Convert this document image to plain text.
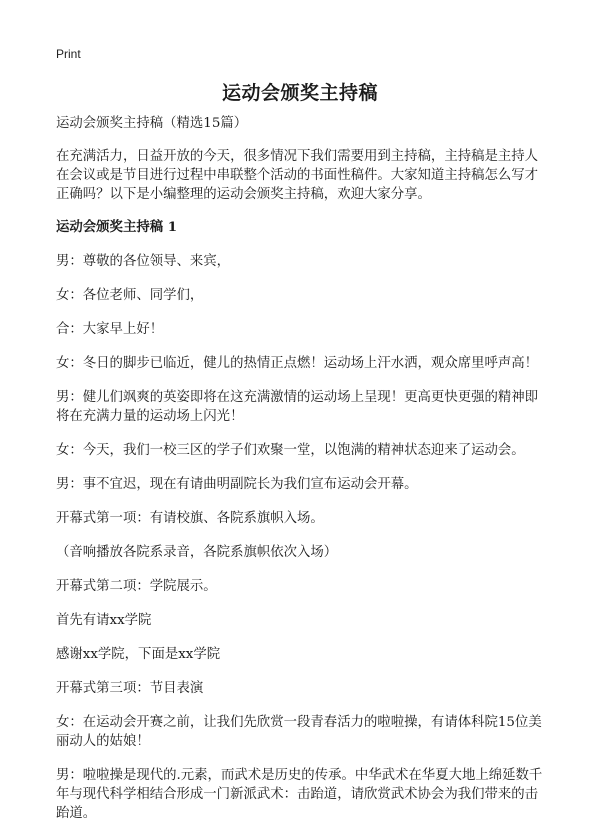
Print
运动会颁奖主持稿

运动会颁奖主持稿（精选15篇）

在充满活力，日益开放的今天，很多情况下我们需要用到主持稿，主持稿是主持人在会议或是节目进行过程中串联整个活动的书面性稿件。大家知道主持稿怎么写才正确吗？以下是小编整理的运动会颁奖主持稿，欢迎大家分享。

运动会颁奖主持稿 1

男：尊敬的各位领导、来宾，

女：各位老师、同学们，

合：大家早上好！

女：冬日的脚步已临近，健儿的热情正点燃！运动场上汗水洒，观众席里呼声高！

男：健儿们飒爽的英姿即将在这充满激情的运动场上呈现！更高更快更强的精神即将在充满力量的运动场上闪光！

女：今天，我们一校三区的学子们欢聚一堂，以饱满的精神状态迎来了运动会。

男：事不宜迟，现在有请曲明副院长为我们宣布运动会开幕。

开幕式第一项：有请校旗、各院系旗帜入场。

（音响播放各院系录音，各院系旗帜依次入场）

开幕式第二项：学院展示。

首先有请xx学院

感谢xx学院，下面是xx学院

开幕式第三项：节目表演

女：在运动会开赛之前，让我们先欣赏一段青春活力的啦啦操，有请体科院15位美丽动人的姑娘！

男：啦啦操是现代的.元素，而武术是历史的传承。中华武术在华夏大地上绵延数千年与现代科学相结合形成一门新派武术：击跆道，请欣赏武术协会为我们带来的击跆道。
